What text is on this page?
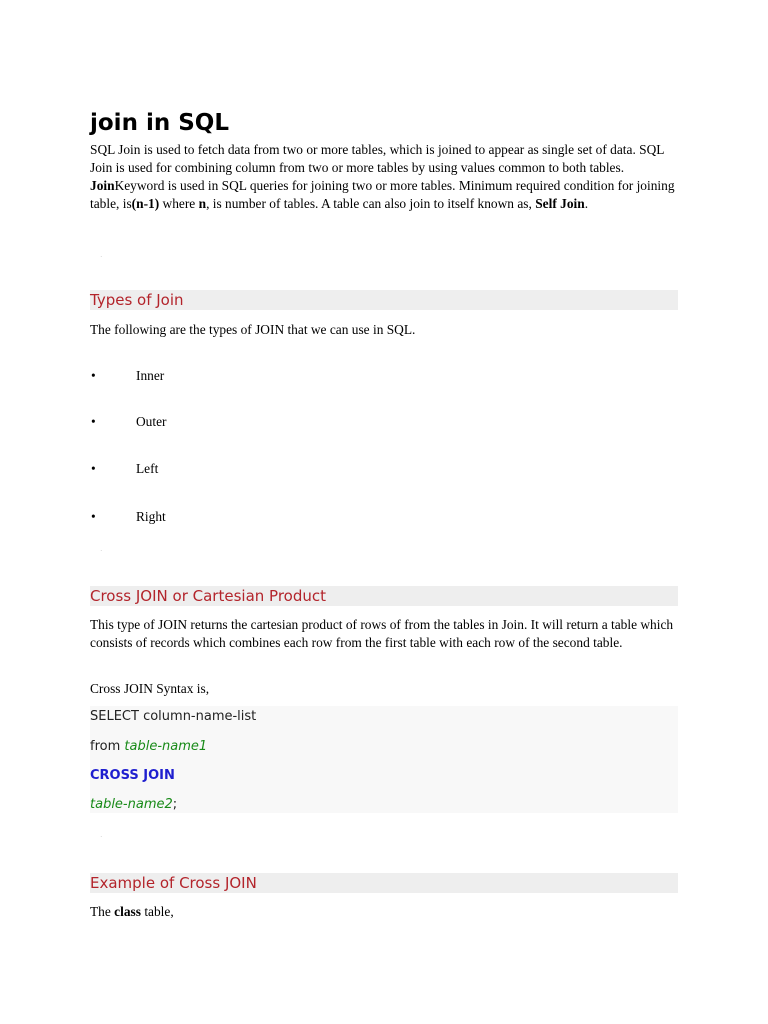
join in SQL

SQL Join is used to fetch data from two or more tables, which is joined to appear as single set of data. SQL Join is used for combining column from two or more tables by using values common to both tables. JoinKeyword is used in SQL queries for joining two or more tables. Minimum required condition for joining table, is(n-1) where n, is number of tables. A table can also join to itself known as, Self Join.

.
Types of Join

The following are the types of JOIN that we can use in SQL.

•	Inner
•	Outer
•	Left
•	Right
.
Cross JOIN or Cartesian Product

This type of JOIN returns the cartesian product of rows of from the tables in Join. It will return a table which consists of records which combines each row from the first table with each row of the second table.

Cross JOIN Syntax is,

SELECT column-name-list
from table-name1
CROSS JOIN
table-name2;
.
Example of Cross JOIN

The class table,
